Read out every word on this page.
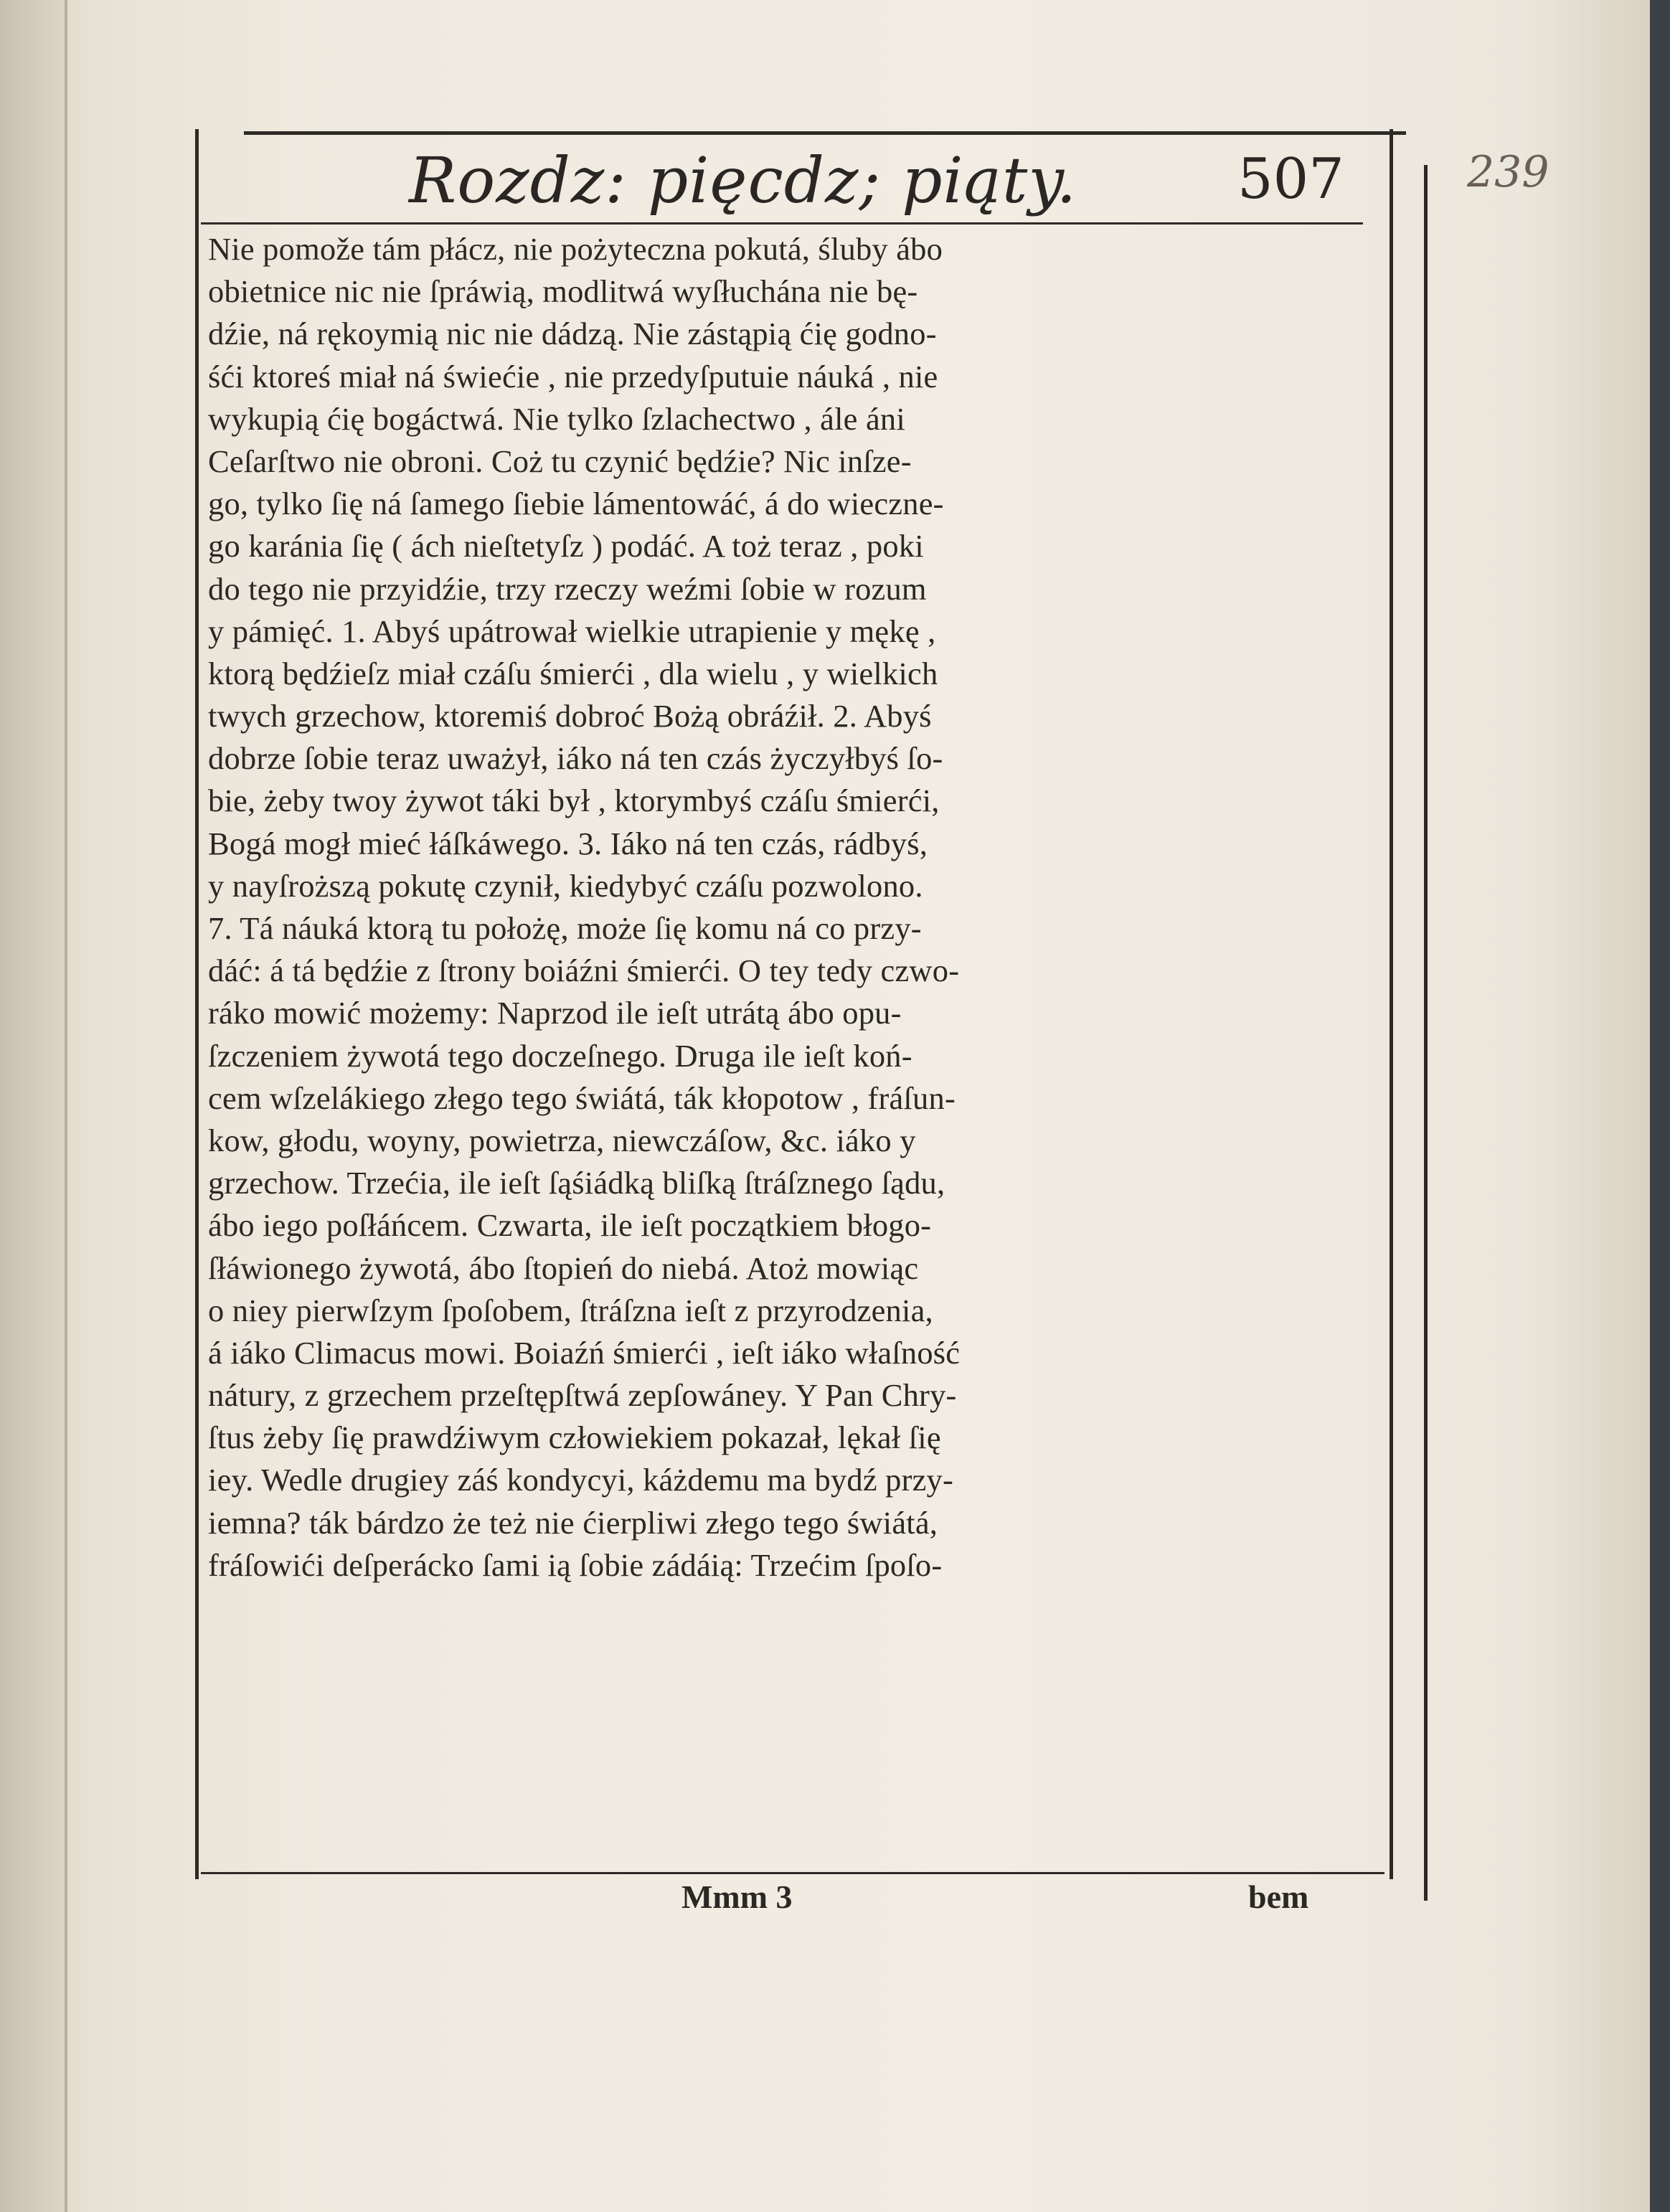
Rozdz: pięcdz; piąty.	507	239
Nie pomože tám płácz, nie pożyteczna pokutá, śluby ábo
obietnice nic nie ſpráwią, modlitwá wyſłuchána nie bę-
dźie, ná rękoymią nic nie dádzą. Nie zástąpią ćię godno-
śći ktoreś miał ná świećie , nie przedyſputuie náuká , nie
wykupią ćię bogáctwá. Nie tylko ſzlachectwo , ále áni
Ceſarſtwo nie obroni. Coż tu czynić będźie? Nic inſze-
go, tylko ſię ná ſamego ſiebie lámentowáć, á do wieczne-
go karánia ſię ( ách nieſtetyſz ) podáć. A toż teraz , poki
do tego nie przyidźie, trzy rzeczy weźmi ſobie w rozum
y pámięć. 1. Abyś upátrował wielkie utrapienie y mękę ,
ktorą będźieſz miał czáſu śmierći , dla wielu , y wielkich
twych grzechow, ktoremiś dobroć Bożą obráźił. 2. Abyś
dobrze ſobie teraz uważył, iáko ná ten czás życzyłbyś ſo-
bie, żeby twoy żywot táki był , ktorymbyś czáſu śmierći,
Bogá mogł mieć łáſkáwego. 3. Iáko ná ten czás, rádbyś,
y nayſroższą pokutę czynił, kiedybyć czáſu pozwolono.
7. Tá náuká ktorą tu położę, może ſię komu ná co przy-
dáć: á tá będźie z ſtrony boiáźni śmierći. O tey tedy czwo-
ráko mowić możemy: Naprzod ile ieſt utrátą ábo opu-
ſzczeniem żywotá tego doczeſnego. Druga ile ieſt koń-
cem wſzelákiego złego tego świátá, ták kłopotow , fráſun-
kow, głodu, woyny, powietrza, niewczáſow, &c. iáko y
grzechow. Trzećia, ile ieſt ſąśiádką bliſką ſtráſznego ſądu,
ábo iego poſłáńcem. Czwarta, ile ieſt początkiem błogo-
ſłáwionego żywotá, ábo ſtopień do niebá. Atoż mowiąc
o niey pierwſzym ſpoſobem, ſtráſzna ieſt z przyrodzenia,
á iáko Climacus mowi. Boiaźń śmierći , ieſt iáko właſność
nátury, z grzechem przeſtępſtwá zepſowáney. Y Pan Chry-
ſtus żeby ſię prawdźiwym człowiekiem pokazał, lękał ſię
iey. Wedle drugiey záś kondycyi, káżdemu ma bydź przy-
iemna? ták bárdzo że też nie ćierpliwi złego tego świátá,
fráſowići deſperácko ſami ią ſobie zádáią: Trzećim ſpoſo-
Mmm 3	bem
